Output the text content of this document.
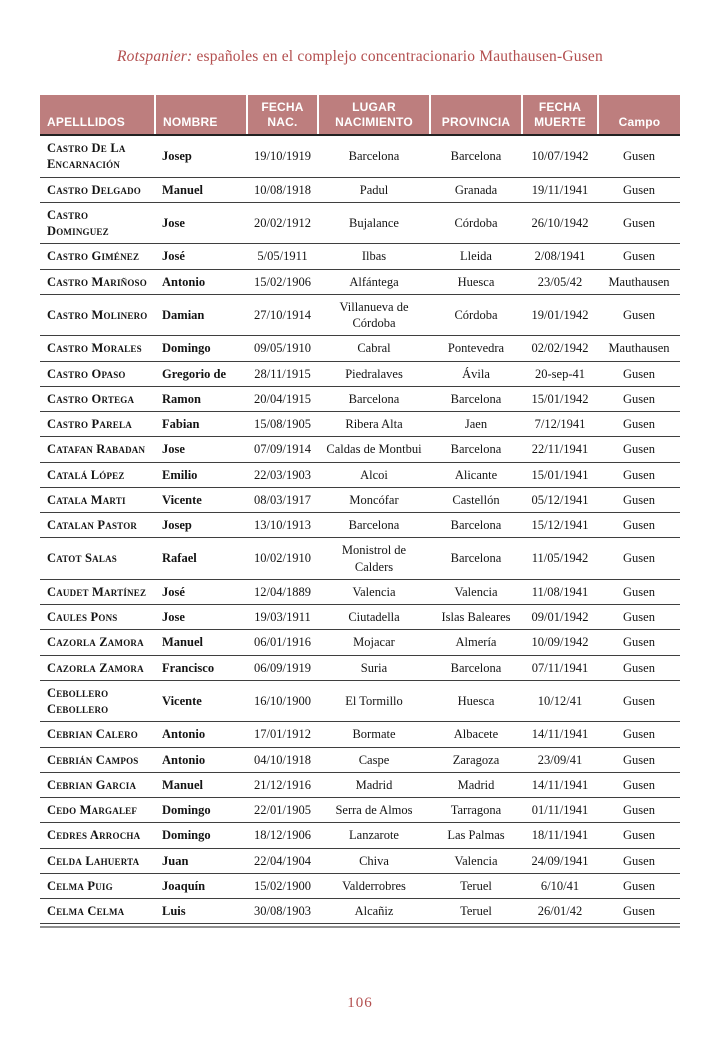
Rotspanier: españoles en el complejo concentracionario Mauthausen-Gusen
APELLLIDOS	NOMBRE	FECHA NAC.	LUGAR NACIMIENTO	PROVINCIA	FECHA MUERTE	Campo
Castro De La Encarnación	Josep	19/10/1919	Barcelona	Barcelona	10/07/1942	Gusen
Castro Delgado	Manuel	10/08/1918	Padul	Granada	19/11/1941	Gusen
Castro Dominguez	Jose	20/02/1912	Bujalance	Córdoba	26/10/1942	Gusen
Castro Giménez	José	5/05/1911	Ilbas	Lleida	2/08/1941	Gusen
Castro Mariñoso	Antonio	15/02/1906	Alfántega	Huesca	23/05/42	Mauthausen
Castro Molinero	Damian	27/10/1914	Villanueva de Córdoba	Córdoba	19/01/1942	Gusen
Castro Morales	Domingo	09/05/1910	Cabral	Pontevedra	02/02/1942	Mauthausen
Castro Opaso	Gregorio de	28/11/1915	Piedralaves	Ávila	20-sep-41	Gusen
Castro Ortega	Ramon	20/04/1915	Barcelona	Barcelona	15/01/1942	Gusen
Castro Parela	Fabian	15/08/1905	Ribera Alta	Jaen	7/12/1941	Gusen
Catafan Rabadan	Jose	07/09/1914	Caldas de Montbui	Barcelona	22/11/1941	Gusen
Catalá López	Emilio	22/03/1903	Alcoi	Alicante	15/01/1941	Gusen
Catala Marti	Vicente	08/03/1917	Moncófar	Castellón	05/12/1941	Gusen
Catalan Pastor	Josep	13/10/1913	Barcelona	Barcelona	15/12/1941	Gusen
Catot Salas	Rafael	10/02/1910	Monistrol de Calders	Barcelona	11/05/1942	Gusen
Caudet Martínez	José	12/04/1889	Valencia	Valencia	11/08/1941	Gusen
Caules Pons	Jose	19/03/1911	Ciutadella	Islas Baleares	09/01/1942	Gusen
Cazorla Zamora	Manuel	06/01/1916	Mojacar	Almería	10/09/1942	Gusen
Cazorla Zamora	Francisco	06/09/1919	Suria	Barcelona	07/11/1941	Gusen
Cebollero Cebollero	Vicente	16/10/1900	El Tormillo	Huesca	10/12/41	Gusen
Cebrian Calero	Antonio	17/01/1912	Bormate	Albacete	14/11/1941	Gusen
Cebrián Campos	Antonio	04/10/1918	Caspe	Zaragoza	23/09/41	Gusen
Cebrian Garcia	Manuel	21/12/1916	Madrid	Madrid	14/11/1941	Gusen
Cedo Margalef	Domingo	22/01/1905	Serra de Almos	Tarragona	01/11/1941	Gusen
Cedres Arrocha	Domingo	18/12/1906	Lanzarote	Las Palmas	18/11/1941	Gusen
Celda Lahuerta	Juan	22/04/1904	Chiva	Valencia	24/09/1941	Gusen
Celma Puig	Joaquín	15/02/1900	Valderrobres	Teruel	6/10/41	Gusen
Celma Celma	Luis	30/08/1903	Alcañiz	Teruel	26/01/42	Gusen
106
